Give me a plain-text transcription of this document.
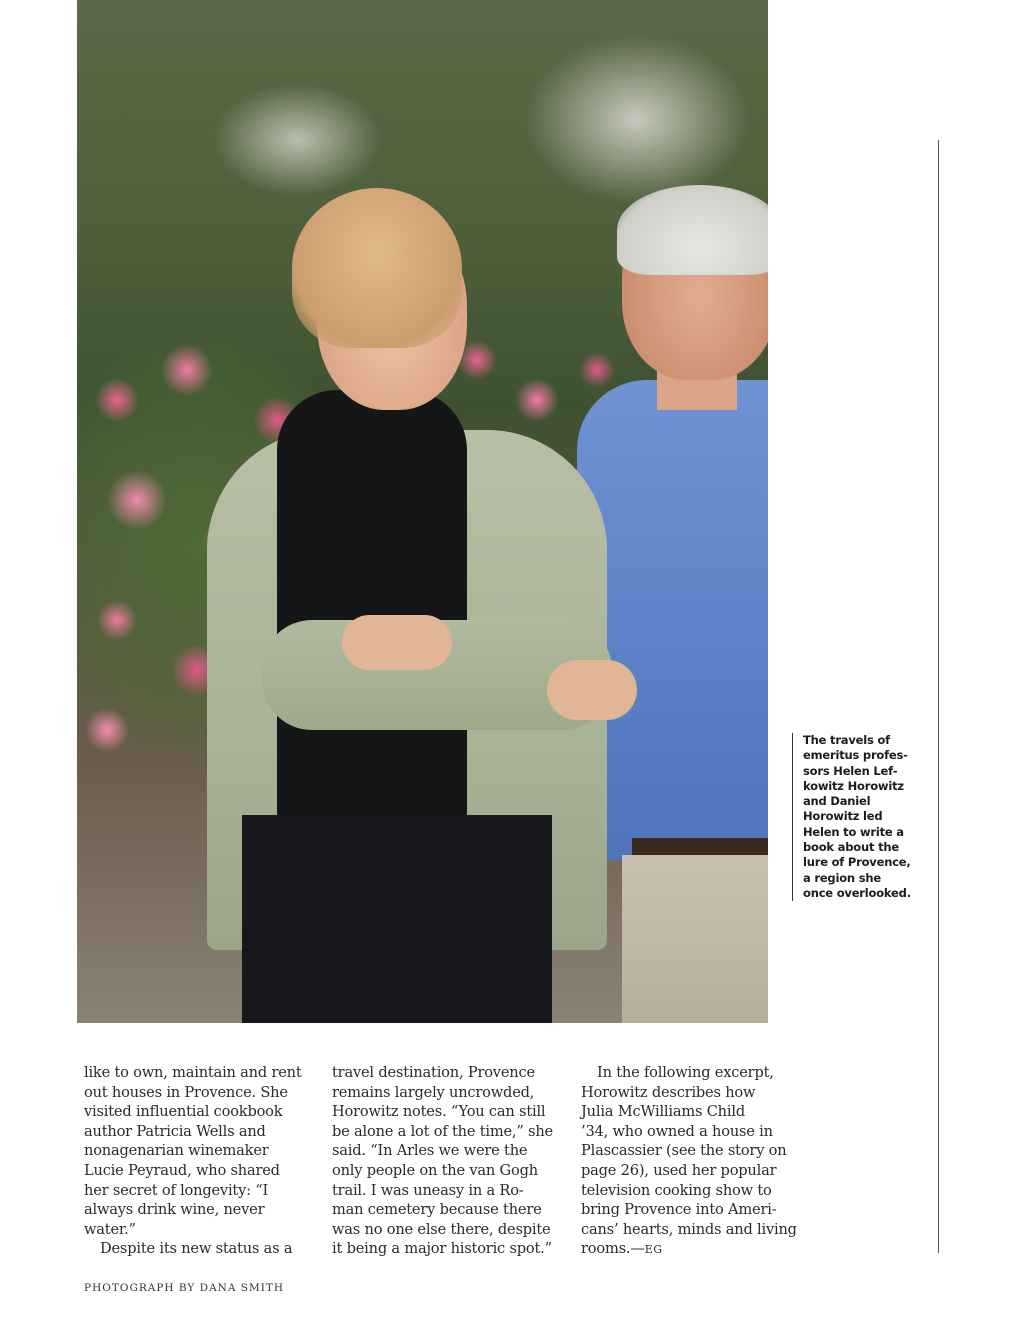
The travels of
emeritus profes-
sors Helen Lef-
kowitz Horowitz
and Daniel
Horowitz led
Helen to write a
book about the
lure of Provence,
a region she
once overlooked.
like to own, maintain and rent
out houses in Provence. She
visited influential cookbook
author Patricia Wells and
nonagenarian winemaker
Lucie Peyraud, who shared
her secret of longevity: “I
always drink wine, never
water.”
Despite its new status as a
travel destination, Provence
remains largely uncrowded,
Horowitz notes. “You can still
be alone a lot of the time,” she
said. “In Arles we were the
only people on the van Gogh
trail. I was uneasy in a Ro-
man cemetery because there
was no one else there, despite
it being a major historic spot.”
In the following excerpt,
Horowitz describes how
Julia McWilliams Child
’34, who owned a house in
Plascassier (see the story on
page 26), used her popular
television cooking show to
bring Provence into Ameri-
cans’ hearts, minds and living
rooms.—EG
PHOTOGRAPH BY DANA SMITH
